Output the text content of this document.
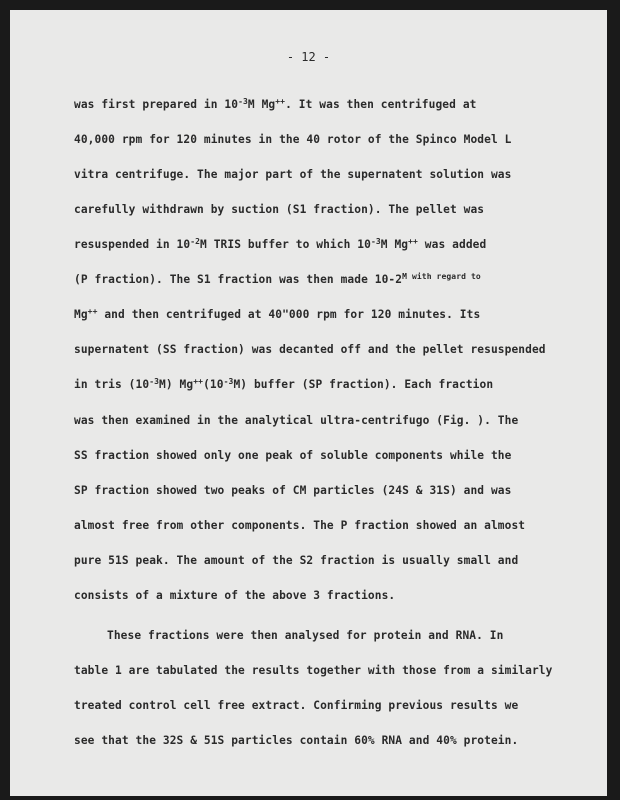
- 12 -
was first prepared in $10^{-3}M$ Mg++. It was then centrifuged at
40,000 rpm for 120 minutes in the 40 rotor of the Spinco Model L
vitra centrifuge. The major part of the supernatent solution was
carefully withdrawn by suction (S1 fraction). The pellet was
resuspended in $10^{-2}M$ TRIS buffer to which $10^{-3}M$ Mg++ was added
(P fraction). The S1 fraction was then made $10-2^{M with regard to}$
Mg++ and then centrifuged at 40"000 rpm for 120 minutes. Its
supernatent (SS fraction) was decanted off and the pellet resuspended
in tris $(10^{-3}M)$ $Mg^{++}(10^{-3}M)$ buffer (SP fraction). Each fraction
was then examined in the analytical ultra-centrifugo (Fig. ). The
SS fraction showed only one peak of soluble components while the
SP fraction showed two peaks of CM particles (24S & 31S) and was
almost free from other components. The P fraction showed an almost
pure 51S peak. The amount of the S2 fraction is usually small and
consists of a mixture of the above 3 fractions.
These fractions were then analysed for protein and RNA. In
table 1 are tabulated the results together with those from a similarly
treated control cell free extract. Confirming previous results we
see that the 32S & 51S particles contain 60% RNA and 40% protein.
